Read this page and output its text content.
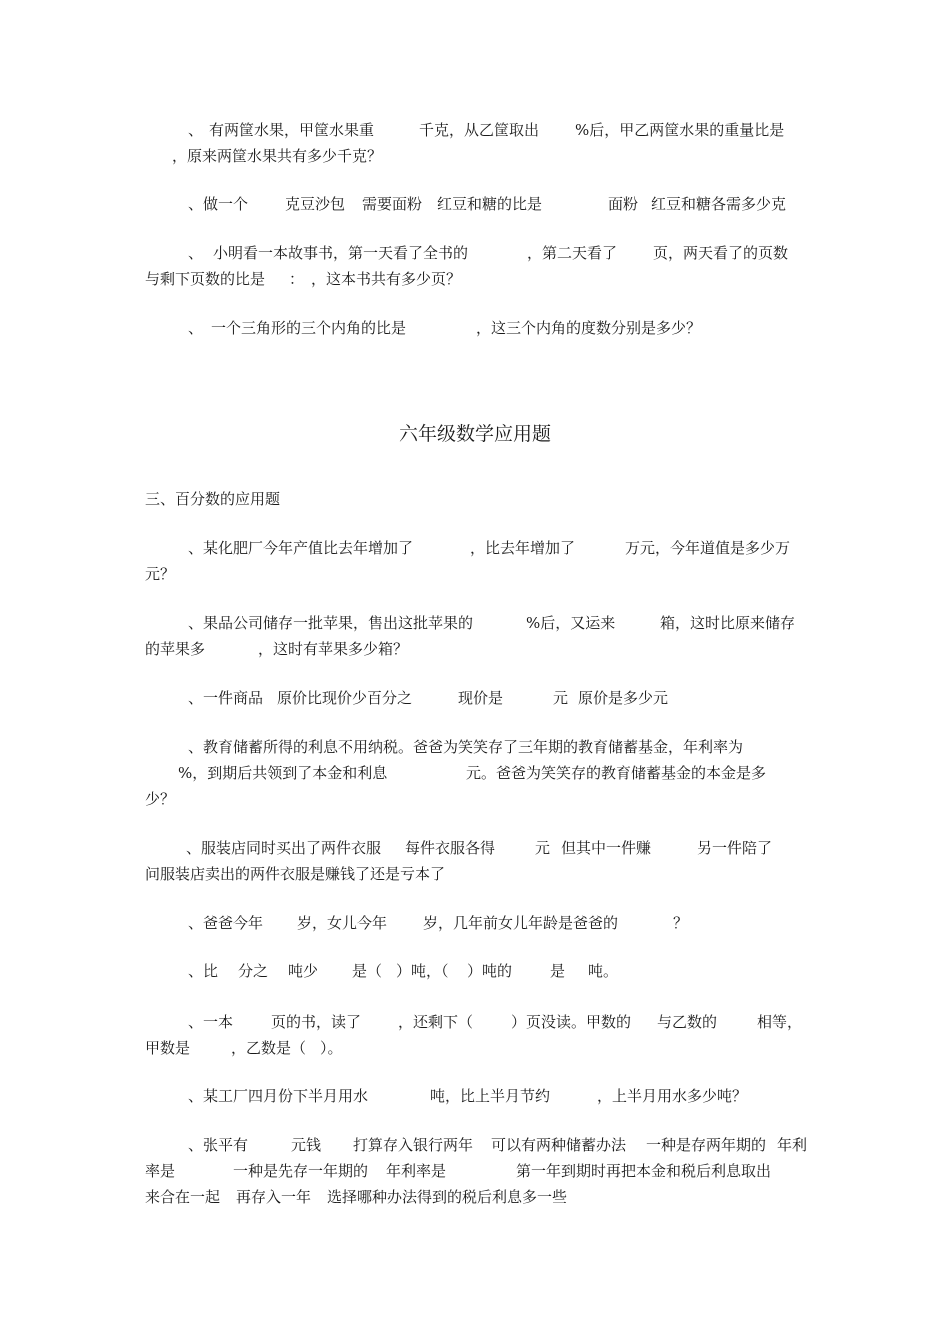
、 有两筐水果，甲筐水果重	千克，从乙筐取出 %后，甲乙两筐水果的重量比是
，原来两筐水果共有多少千克？
、做一个 克豆沙包 需要面粉 红豆和糖的比是	面粉 红豆和糖各需多少克
、 小明看一本故事书，第一天看了全书的	，第二天看了 页，两天看了的页数
与剩下页数的比是 ： ，这本书共有多少页？
、 一个三角形的三个内角的比是	，这三个内角的度数分别是多少？
六年级数学应用题
三、百分数的应用题
、某化肥厂今年产值比去年增加了	，比去年增加了	万元，今年道值是多少万
元？
、果品公司储存一批苹果，售出这批苹果的	%后，又运来	箱，这时比原来储存
的苹果多	，这时有苹果多少箱？
、一件商品 原价比现价少百分之	现价是	元 原价是多少元
、教育储蓄所得的利息不用纳税。爸爸为笑笑存了三年期的教育储蓄基金，年利率为
%，到期后共领到了本金和利息	元。爸爸为笑笑存的教育储蓄基金的本金是多
少？
、服装店同时买出了两件衣服 每件衣服各得	元 但其中一件赚	另一件陪了
问服装店卖出的两件衣服是赚钱了还是亏本了
、爸爸今年 岁，女儿今年 岁，几年前女儿年龄是爸爸的	？
、比 分之 吨少 是（ ）吨，（ ）吨的	是 吨。
、一本	页的书，读了 ，还剩下（	）页没读。甲数的 与乙数的	相等，
甲数是	，乙数是（ ）。
、某工厂四月份下半月用水	吨，比上半月节约	，上半月用水多少吨？
、张平有	元钱 打算存入银行两年 可以有两种储蓄办法 一种是存两年期的 年利
率是	一种是先存一年期的 年利率是	第一年到期时再把本金和税后利息取出
来合在一起 再存入一年 选择哪种办法得到的税后利息多一些
